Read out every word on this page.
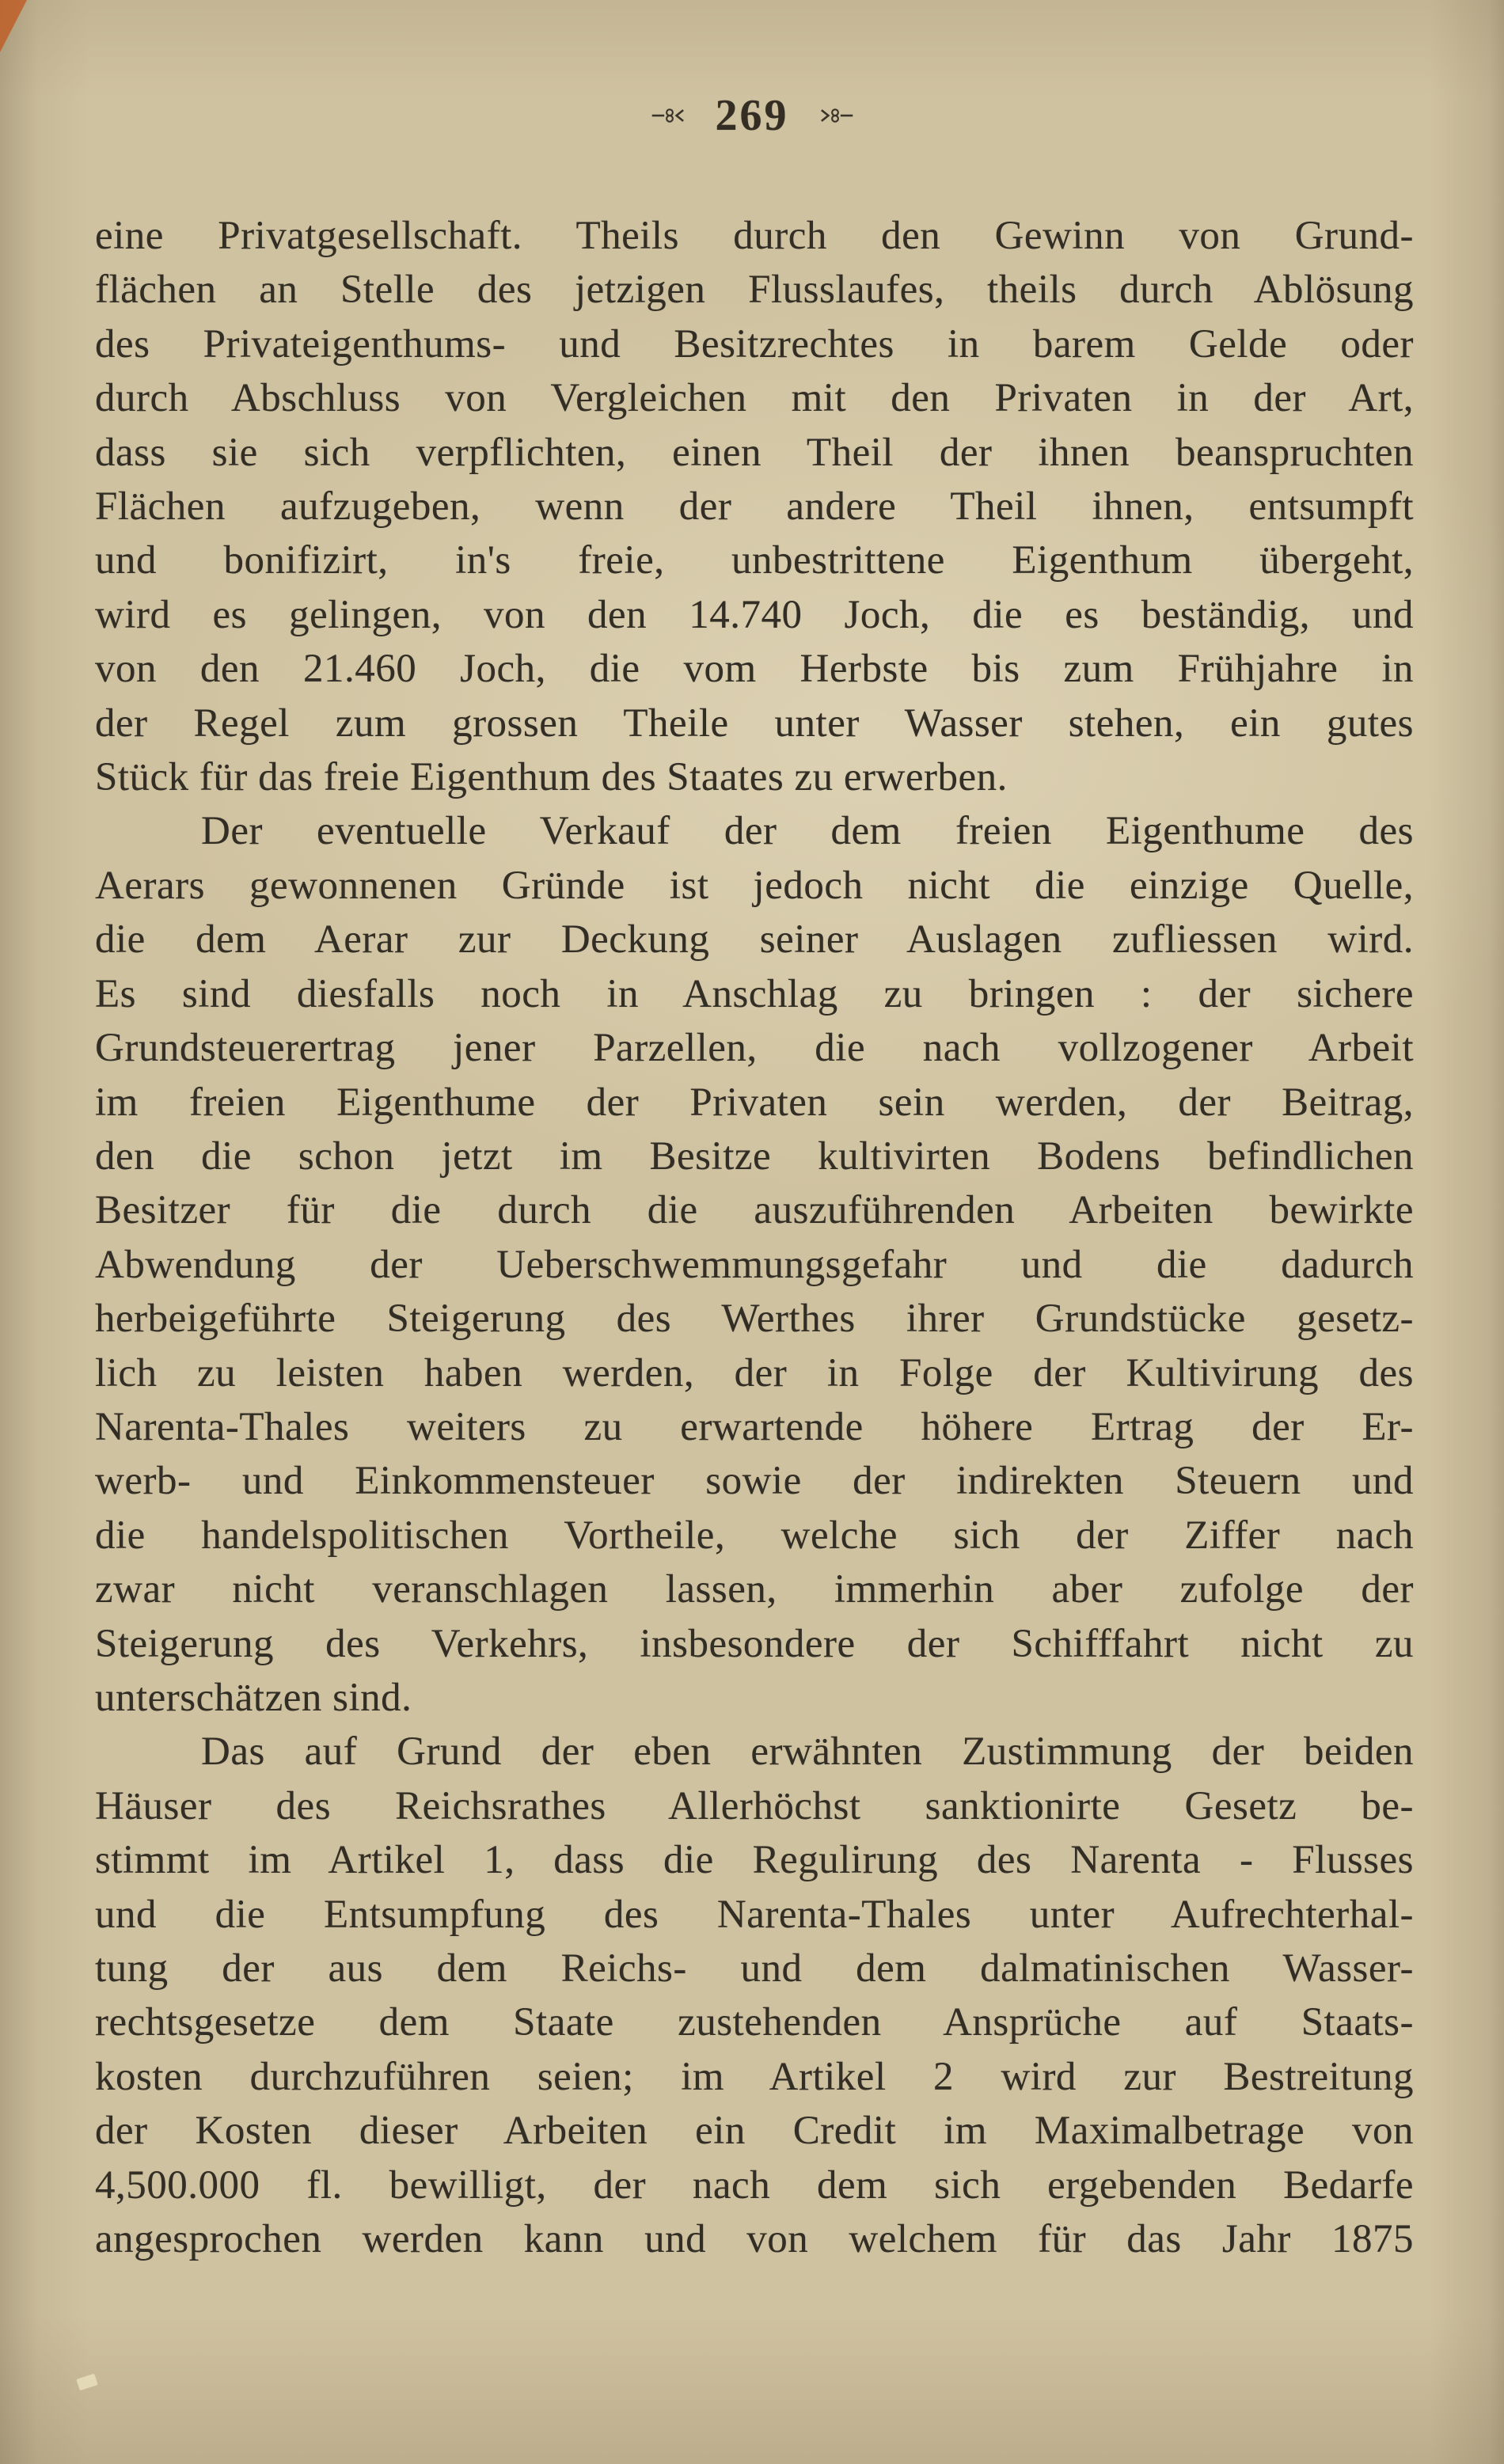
269
eine Privatgesellschaft. Theils durch den Gewinn von Grund-
flächen an Stelle des jetzigen Flusslaufes, theils durch Ablösung
des Privateigenthums- und Besitzrechtes in barem Gelde oder
durch Abschluss von Vergleichen mit den Privaten in der Art,
dass sie sich verpflichten, einen Theil der ihnen beanspruchten
Flächen aufzugeben, wenn der andere Theil ihnen, entsumpft
und bonifizirt, in's freie, unbestrittene Eigenthum übergeht,
wird es gelingen, von den 14.740 Joch, die es beständig, und
von den 21.460 Joch, die vom Herbste bis zum Frühjahre in
der Regel zum grossen Theile unter Wasser stehen, ein gutes
Stück für das freie Eigenthum des Staates zu erwerben.
Der eventuelle Verkauf der dem freien Eigenthume des
Aerars gewonnenen Gründe ist jedoch nicht die einzige Quelle,
die dem Aerar zur Deckung seiner Auslagen zufliessen wird.
Es sind diesfalls noch in Anschlag zu bringen : der sichere
Grundsteuerertrag jener Parzellen, die nach vollzogener Arbeit
im freien Eigenthume der Privaten sein werden, der Beitrag,
den die schon jetzt im Besitze kultivirten Bodens befindlichen
Besitzer für die durch die auszuführenden Arbeiten bewirkte
Abwendung der Ueberschwemmungsgefahr und die dadurch
herbeigeführte Steigerung des Werthes ihrer Grundstücke gesetz-
lich zu leisten haben werden, der in Folge der Kultivirung des
Narenta-Thales weiters zu erwartende höhere Ertrag der Er-
werb- und Einkommensteuer sowie der indirekten Steuern und
die handelspolitischen Vortheile, welche sich der Ziffer nach
zwar nicht veranschlagen lassen, immerhin aber zufolge der
Steigerung des Verkehrs, insbesondere der Schifffahrt nicht zu
unterschätzen sind.
Das auf Grund der eben erwähnten Zustimmung der beiden
Häuser des Reichsrathes Allerhöchst sanktionirte Gesetz be-
stimmt im Artikel 1, dass die Regulirung des Narenta - Flusses
und die Entsumpfung des Narenta-Thales unter Aufrechterhal-
tung der aus dem Reichs- und dem dalmatinischen Wasser-
rechtsgesetze dem Staate zustehenden Ansprüche auf Staats-
kosten durchzuführen seien; im Artikel 2 wird zur Bestreitung
der Kosten dieser Arbeiten ein Credit im Maximalbetrage von
4,500.000 fl. bewilligt, der nach dem sich ergebenden Bedarfe
angesprochen werden kann und von welchem für das Jahr 1875
